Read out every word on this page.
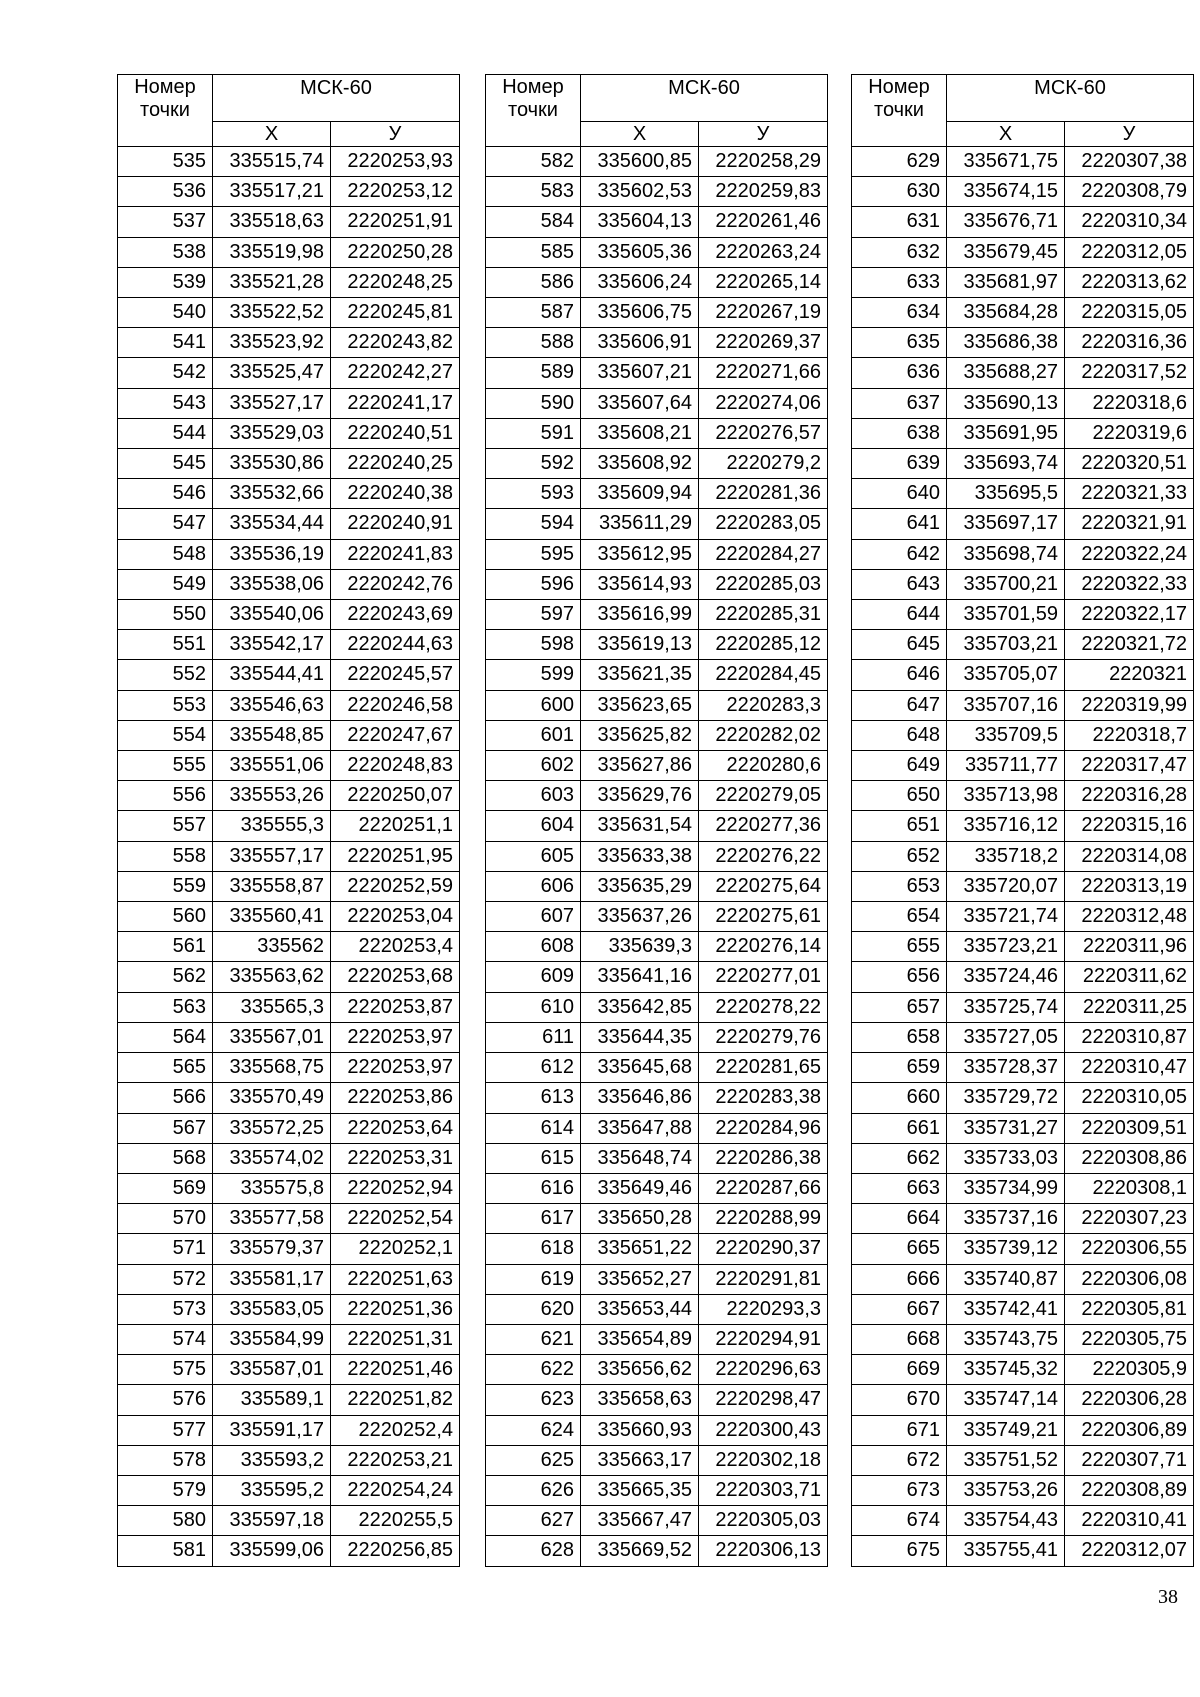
Номер точки	МСК-60	
	Х	У
535	335515,74	2220253,93
536	335517,21	2220253,12
537	335518,63	2220251,91
538	335519,98	2220250,28
539	335521,28	2220248,25
540	335522,52	2220245,81
541	335523,92	2220243,82
542	335525,47	2220242,27
543	335527,17	2220241,17
544	335529,03	2220240,51
545	335530,86	2220240,25
546	335532,66	2220240,38
547	335534,44	2220240,91
548	335536,19	2220241,83
549	335538,06	2220242,76
550	335540,06	2220243,69
551	335542,17	2220244,63
552	335544,41	2220245,57
553	335546,63	2220246,58
554	335548,85	2220247,67
555	335551,06	2220248,83
556	335553,26	2220250,07
557	335555,3	2220251,1
558	335557,17	2220251,95
559	335558,87	2220252,59
560	335560,41	2220253,04
561	335562	2220253,4
562	335563,62	2220253,68
563	335565,3	2220253,87
564	335567,01	2220253,97
565	335568,75	2220253,97
566	335570,49	2220253,86
567	335572,25	2220253,64
568	335574,02	2220253,31
569	335575,8	2220252,94
570	335577,58	2220252,54
571	335579,37	2220252,1
572	335581,17	2220251,63
573	335583,05	2220251,36
574	335584,99	2220251,31
575	335587,01	2220251,46
576	335589,1	2220251,82
577	335591,17	2220252,4
578	335593,2	2220253,21
579	335595,2	2220254,24
580	335597,18	2220255,5
581	335599,06	2220256,85
Номер точки	МСК-60	
	Х	У
582	335600,85	2220258,29
583	335602,53	2220259,83
584	335604,13	2220261,46
585	335605,36	2220263,24
586	335606,24	2220265,14
587	335606,75	2220267,19
588	335606,91	2220269,37
589	335607,21	2220271,66
590	335607,64	2220274,06
591	335608,21	2220276,57
592	335608,92	2220279,2
593	335609,94	2220281,36
594	335611,29	2220283,05
595	335612,95	2220284,27
596	335614,93	2220285,03
597	335616,99	2220285,31
598	335619,13	2220285,12
599	335621,35	2220284,45
600	335623,65	2220283,3
601	335625,82	2220282,02
602	335627,86	2220280,6
603	335629,76	2220279,05
604	335631,54	2220277,36
605	335633,38	2220276,22
606	335635,29	2220275,64
607	335637,26	2220275,61
608	335639,3	2220276,14
609	335641,16	2220277,01
610	335642,85	2220278,22
611	335644,35	2220279,76
612	335645,68	2220281,65
613	335646,86	2220283,38
614	335647,88	2220284,96
615	335648,74	2220286,38
616	335649,46	2220287,66
617	335650,28	2220288,99
618	335651,22	2220290,37
619	335652,27	2220291,81
620	335653,44	2220293,3
621	335654,89	2220294,91
622	335656,62	2220296,63
623	335658,63	2220298,47
624	335660,93	2220300,43
625	335663,17	2220302,18
626	335665,35	2220303,71
627	335667,47	2220305,03
628	335669,52	2220306,13
Номер точки	МСК-60	
	Х	У
629	335671,75	2220307,38
630	335674,15	2220308,79
631	335676,71	2220310,34
632	335679,45	2220312,05
633	335681,97	2220313,62
634	335684,28	2220315,05
635	335686,38	2220316,36
636	335688,27	2220317,52
637	335690,13	2220318,6
638	335691,95	2220319,6
639	335693,74	2220320,51
640	335695,5	2220321,33
641	335697,17	2220321,91
642	335698,74	2220322,24
643	335700,21	2220322,33
644	335701,59	2220322,17
645	335703,21	2220321,72
646	335705,07	2220321
647	335707,16	2220319,99
648	335709,5	2220318,7
649	335711,77	2220317,47
650	335713,98	2220316,28
651	335716,12	2220315,16
652	335718,2	2220314,08
653	335720,07	2220313,19
654	335721,74	2220312,48
655	335723,21	2220311,96
656	335724,46	2220311,62
657	335725,74	2220311,25
658	335727,05	2220310,87
659	335728,37	2220310,47
660	335729,72	2220310,05
661	335731,27	2220309,51
662	335733,03	2220308,86
663	335734,99	2220308,1
664	335737,16	2220307,23
665	335739,12	2220306,55
666	335740,87	2220306,08
667	335742,41	2220305,81
668	335743,75	2220305,75
669	335745,32	2220305,9
670	335747,14	2220306,28
671	335749,21	2220306,89
672	335751,52	2220307,71
673	335753,26	2220308,89
674	335754,43	2220310,41
675	335755,41	2220312,07
38
